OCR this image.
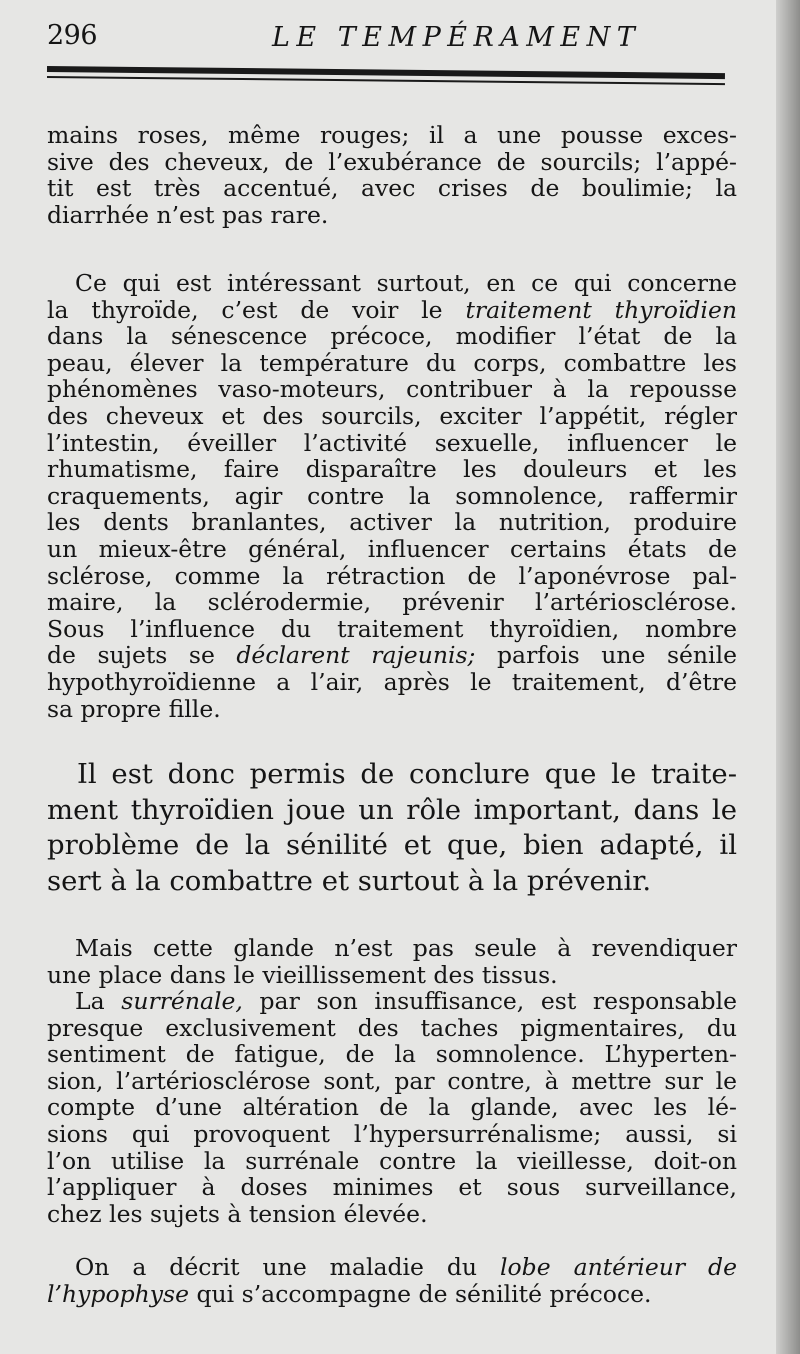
296	LE TEMPÉRAMENT
mains roses, même rouges; il a une pousse exces-
sive des cheveux, de l’exubérance de sourcils; l’appé-
tit est très accentué, avec crises de boulimie; la
diarrhée n’est pas rare.
Ce qui est intéressant surtout, en ce qui concerne
la thyroïde, c’est de voir le traitement thyroïdien
dans la sénescence précoce, modifier l’état de la
peau, élever la température du corps, combattre les
phénomènes vaso-moteurs, contribuer à la repousse
des cheveux et des sourcils, exciter l’appétit, régler
l’intestin, éveiller l’activité sexuelle, influencer le
rhumatisme, faire disparaître les douleurs et les
craquements, agir contre la somnolence, raffermir
les dents branlantes, activer la nutrition, produire
un mieux-être général, influencer certains états de
sclérose, comme la rétraction de l’aponévrose pal-
maire, la sclérodermie, prévenir l’artériosclérose.
Sous l’influence du traitement thyroïdien, nombre
de sujets se déclarent rajeunis; parfois une sénile
hypothyroïdienne a l’air, après le traitement, d’être
sa propre fille.
Il est donc permis de conclure que le traite-
ment thyroïdien joue un rôle important, dans le
problème de la sénilité et que, bien adapté, il
sert à la combattre et surtout à la prévenir.
Mais cette glande n’est pas seule à revendiquer
une place dans le vieillissement des tissus.
La surrénale, par son insuffisance, est responsable
presque exclusivement des taches pigmentaires, du
sentiment de fatigue, de la somnolence. L’hyperten-
sion, l’artériosclérose sont, par contre, à mettre sur le
compte d’une altération de la glande, avec les lé-
sions qui provoquent l’hypersurrénalisme; aussi, si
l’on utilise la surrénale contre la vieillesse, doit-on
l’appliquer à doses minimes et sous surveillance,
chez les sujets à tension élevée.
On a décrit une maladie du lobe antérieur de
l’hypophyse qui s’accompagne de sénilité précoce.
